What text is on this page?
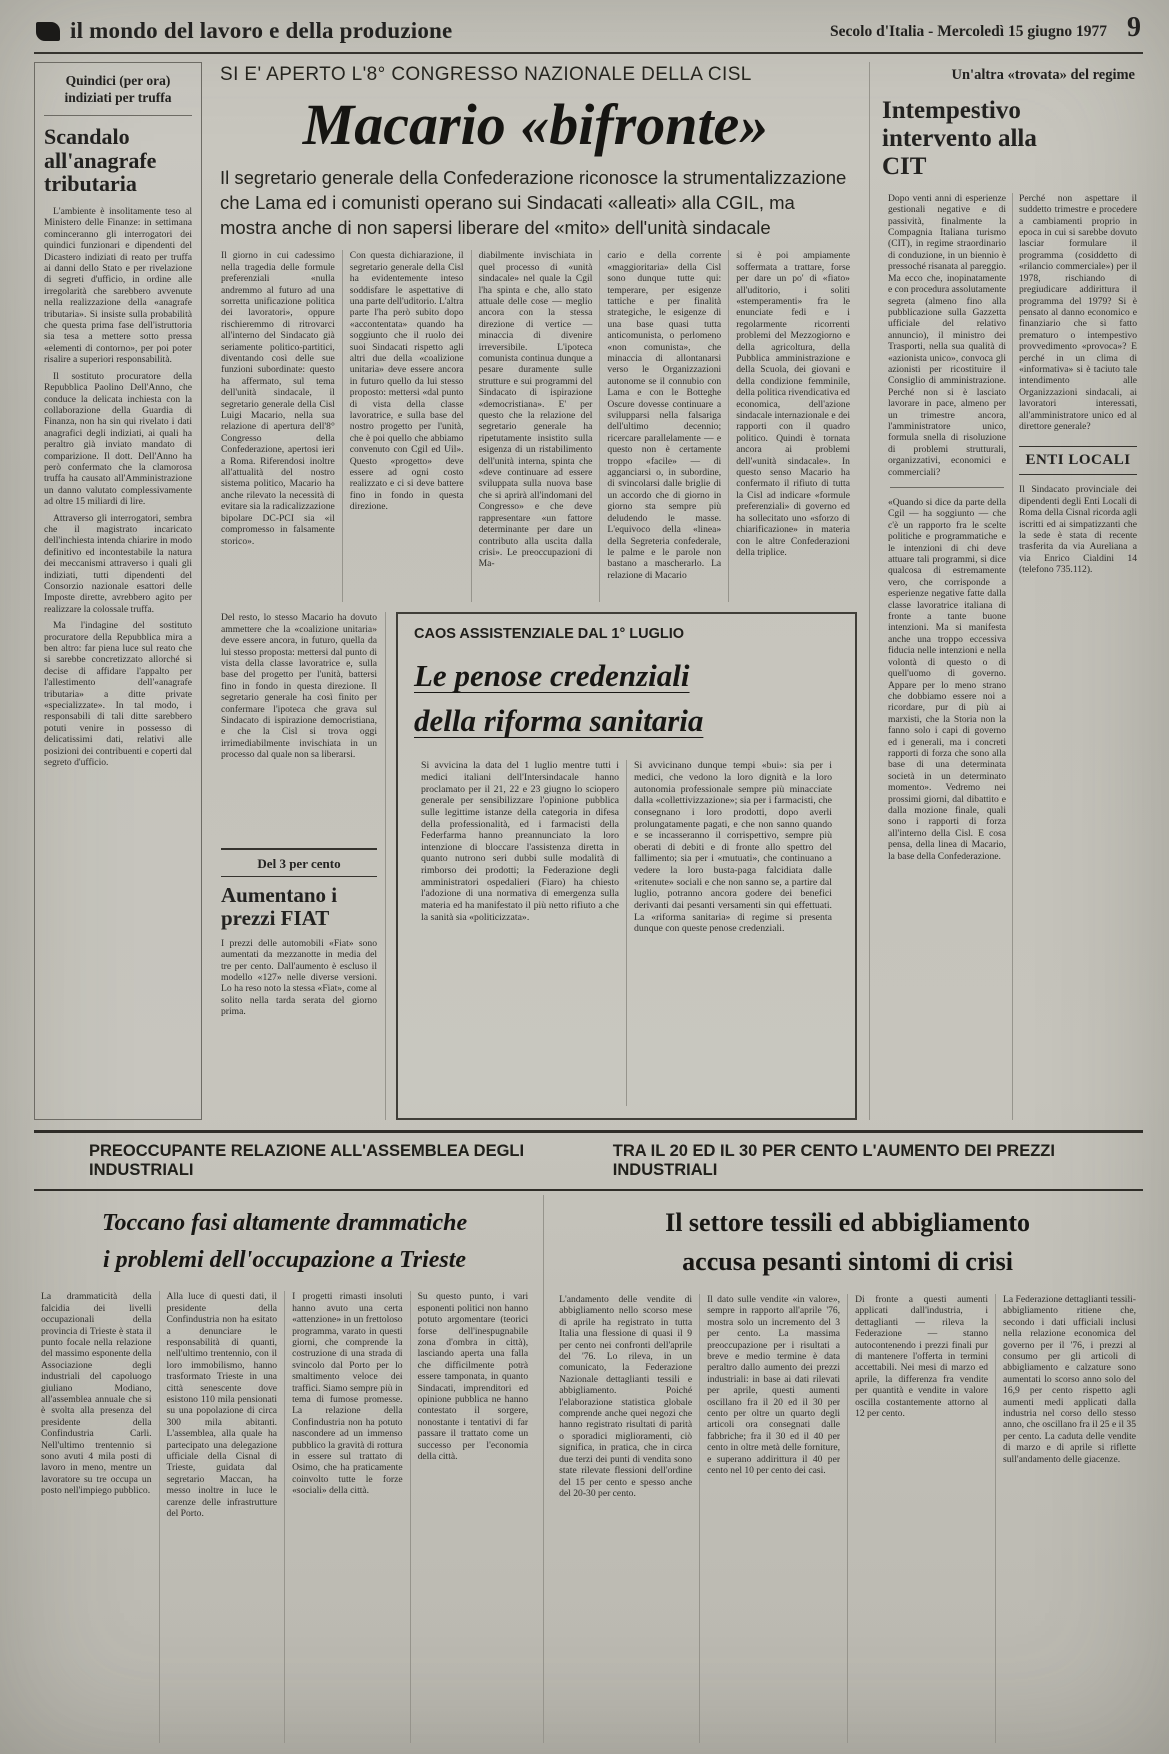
il mondo del lavoro e della produzione	Secolo d'Italia - Mercoledì 15 giugno 1977 9
Quindici (per ora) indiziati per truffa
Scandalo all'anagrafe tributaria

L'ambiente è insolitamente teso al Ministero delle Finanze: in settimana cominceranno gli interrogatori dei quindici funzionari e dipendenti del Dicastero indiziati di reato per truffa ai danni dello Stato e per rivelazione di segreti d'ufficio, in ordine alle irregolarità che sarebbero avvenute nella realizzazione della «anagrafe tributaria». Si insiste sulla probabilità che questa prima fase dell'istruttoria sia tesa a mettere sotto pressa «elementi di contorno», per poi poter risalire a superiori responsabilità.

Il sostituto procuratore della Repubblica Paolino Dell'Anno, che conduce la delicata inchiesta con la collaborazione della Guardia di Finanza, non ha sin qui rivelato i dati anagrafici degli indiziati, ai quali ha peraltro già inviato mandato di comparizione. Il dott. Dell'Anno ha però confermato che la clamorosa truffa ha causato all'Amministrazione un danno valutato complessivamente ad oltre 15 miliardi di lire.

Attraverso gli interrogatori, sembra che il magistrato incaricato dell'inchiesta intenda chiarire in modo definitivo ed incontestabile la natura dei meccanismi attraverso i quali gli indiziati, tutti dipendenti del Consorzio nazionale esattori delle Imposte dirette, avrebbero agito per realizzare la colossale truffa.

Ma l'indagine del sostituto procuratore della Repubblica mira a ben altro: far piena luce sul reato che si sarebbe concretizzato allorché si decise di affidare l'appalto per l'allestimento dell'«anagrafe tributaria» a ditte private «specializzate». In tal modo, i responsabili di tali ditte sarebbero potuti venire in possesso di delicatissimi dati, relativi alle posizioni dei contribuenti e coperti dal segreto d'ufficio.

SI E' APERTO L'8° CONGRESSO NAZIONALE DELLA CISL
Macario «bifronte»
Il segretario generale della Confederazione riconosce la strumentalizzazione che Lama ed i comunisti operano sui Sindacati «alleati» alla CGIL, ma mostra anche di non sapersi liberare del «mito» dell'unità sindacale
Il giorno in cui cadessimo nella tragedia delle formule preferenziali «nulla andremmo al futuro ad una sorretta unificazione politica dei lavoratori», oppure rischieremmo di ritrovarci all'interno del Sindacato già seriamente politico-partitici, diventando così delle sue funzioni subordinate: questo ha affermato, sul tema dell'unità sindacale, il segretario generale della Cisl Luigi Macario, nella sua relazione di apertura dell'8° Congresso della Confederazione, apertosi ieri a Roma. Riferendosi inoltre all'attualità del nostro sistema politico, Macario ha anche rilevato la necessità di evitare sia la radicalizzazione bipolare DC-PCI sia «il compromesso in falsamente storico».
Con questa dichiarazione, il segretario generale della Cisl ha evidentemente inteso soddisfare le aspettative di una parte dell'uditorio. L'altra parte l'ha però subito dopo «accontentata» quando ha soggiunto che il ruolo dei suoi Sindacati rispetto agli altri due della «coalizione unitaria» deve essere ancora in futuro quello da lui stesso proposto: mettersi «dal punto di vista della classe lavoratrice, e sulla base del nostro progetto per l'unità, che è poi quello che abbiamo convenuto con Cgil ed Uil». Questo «progetto» deve essere ad ogni costo realizzato e ci si deve battere fino in fondo in questa direzione.
diabilmente invischiata in quel processo di «unità sindacale» nel quale la Cgil l'ha spinta e che, allo stato attuale delle cose — meglio ancora con la stessa direzione di vertice — minaccia di divenire irreversibile. L'ipoteca comunista continua dunque a pesare duramente sulle strutture e sui programmi del Sindacato di ispirazione «democristiana». E' per questo che la relazione del segretario generale ha ripetutamente insistito sulla esigenza di un ristabilimento dell'unità interna, spinta che «deve continuare ad essere sviluppata sulla nuova base che si aprirà all'indomani del Congresso» e che deve rappresentare «un fattore determinante per dare un contributo alla uscita dalla crisi». Le preoccupazioni di Ma-
cario e della corrente «maggioritaria» della Cisl sono dunque tutte qui: temperare, per esigenze tattiche e per finalità strategiche, le esigenze di una base quasi tutta anticomunista, o perlomeno «non comunista», che minaccia di allontanarsi verso le Organizzazioni autonome se il connubio con Lama e con le Botteghe Oscure dovesse continuare a svilupparsi nella falsariga dell'ultimo decennio; ricercare parallelamente — e questo non è certamente troppo «facile» — di agganciarsi o, in subordine, di svincolarsi dalle briglie di un accordo che di giorno in giorno sta sempre più deludendo le masse. L'equivoco della «linea» della Segreteria confederale, le palme e le parole non bastano a mascherarlo. La relazione di Macario
si è poi ampiamente soffermata a trattare, forse per dare un po' di «fiato» all'uditorio, i soliti «stemperamenti» fra le enunciate fedi e i regolarmente ricorrenti problemi del Mezzogiorno e della agricoltura, della Pubblica amministrazione e della Scuola, dei giovani e della condizione femminile, della politica rivendicativa ed economica, dell'azione sindacale internazionale e dei rapporti con il quadro politico. Quindi è tornata ancora ai problemi dell'«unità sindacale». In questo senso Macario ha confermato il rifiuto di tutta la Cisl ad indicare «formule preferenziali» di governo ed ha sollecitato uno «sforzo di chiarificazione» in materia con le altre Confederazioni della triplice.
Del resto, lo stesso Macario ha dovuto ammettere che la «coalizione unitaria» deve essere ancora, in futuro, quella da lui stesso proposta: mettersi dal punto di vista della classe lavoratrice e, sulla base del progetto per l'unità, battersi fino in fondo in questa direzione. Il segretario generale ha così finito per confermare l'ipoteca che grava sul Sindacato di ispirazione democristiana, e che la Cisl si trova oggi irrimediabilmente invischiata in un processo dal quale non sa liberarsi.
Del 3 per cento
Aumentano i prezzi FIAT
I prezzi delle automobili «Fiat» sono aumentati da mezzanotte in media del tre per cento. Dall'aumento è escluso il modello «127» nelle diverse versioni. Lo ha reso noto la stessa «Fiat», come al solito nella tarda serata del giorno prima.
CAOS ASSISTENZIALE DAL 1° LUGLIO
Le penose credenziali
della riforma sanitaria
Si avvicina la data del 1 luglio mentre tutti i medici italiani dell'Intersindacale hanno proclamato per il 21, 22 e 23 giugno lo sciopero generale per sensibilizzare l'opinione pubblica sulle legittime istanze della categoria in difesa della professionalità, ed i farmacisti della Federfarma hanno preannunciato la loro intenzione di bloccare l'assistenza diretta in quanto nutrono seri dubbi sulle modalità di rimborso dei prodotti; la Federazione degli amministratori ospedalieri (Fiaro) ha chiesto l'adozione di una normativa di emergenza sulla materia ed ha manifestato il più netto rifiuto a che la sanità sia «politicizzata».
Si avvicinano dunque tempi «bui»: sia per i medici, che vedono la loro dignità e la loro autonomia professionale sempre più minacciate dalla «collettivizzazione»; sia per i farmacisti, che consegnano i loro prodotti, dopo averli prolungatamente pagati, e che non sanno quando e se incasseranno il corrispettivo, sempre più oberati di debiti e di fronte allo spettro del fallimento; sia per i «mutuati», che continuano a vedere la loro busta-paga falcidiata dalle «ritenute» sociali e che non sanno se, a partire dal luglio, potranno ancora godere dei benefici derivanti dai pesanti versamenti sin qui effettuati. La «riforma sanitaria» di regime si presenta dunque con queste penose credenziali.
Un'altra «trovata» del regime
Intempestivo intervento alla CIT
Dopo venti anni di esperienze gestionali negative e di passività, finalmente la Compagnia Italiana turismo (CIT), in regime straordinario di conduzione, in un biennio è pressoché risanata al pareggio. Ma ecco che, inopinatamente e con procedura assolutamente segreta (almeno fino alla pubblicazione sulla Gazzetta ufficiale del relativo annuncio), il ministro dei Trasporti, nella sua qualità di «azionista unico», convoca gli azionisti per ricostituire il Consiglio di amministrazione. Perché non si è lasciato lavorare in pace, almeno per un trimestre ancora, l'amministratore unico, formula snella di risoluzione di problemi strutturali, organizzativi, economici e commerciali?
«Quando si dice da parte della Cgil — ha soggiunto — che c'è un rapporto fra le scelte politiche e programmatiche e le intenzioni di chi deve attuare tali programmi, si dice qualcosa di estremamente vero, che corrisponde a esperienze negative fatte dalla classe lavoratrice italiana di fronte a tante buone intenzioni. Ma si manifesta anche una troppo eccessiva fiducia nelle intenzioni e nella volontà di questo o di quell'uomo di governo. Appare per lo meno strano che dobbiamo essere noi a ricordare, pur di più ai marxisti, che la Storia non la fanno solo i capi di governo ed i generali, ma i concreti rapporti di forza che sono alla base di una determinata società in un determinato momento». Vedremo nei prossimi giorni, dal dibattito e dalla mozione finale, quali sono i rapporti di forza all'interno della Cisl. E cosa pensa, della linea di Macario, la base della Confederazione.
Perché non aspettare il suddetto trimestre e procedere a cambiamenti proprio in epoca in cui si sarebbe dovuto lasciar formulare il programma (cosiddetto di «rilancio commerciale») per il 1978, rischiando di pregiudicare addirittura il programma del 1979? Si è pensato al danno economico e finanziario che sì fatto prematuro o intempestivo provvedimento «provoca»? E perché in un clima di «informativa» si è taciuto tale intendimento alle Organizzazioni sindacali, ai lavoratori interessati, all'amministratore unico ed al direttore generale?
ENTI LOCALI
Il Sindacato provinciale dei dipendenti degli Enti Locali di Roma della Cisnal ricorda agli iscritti ed ai simpatizzanti che la sede è stata di recente trasferita da via Aureliana a via Enrico Cialdini 14 (telefono 735.112).
PREOCCUPANTE RELAZIONE ALL'ASSEMBLEA DEGLI INDUSTRIALI
TRA IL 20 ED IL 30 PER CENTO L'AUMENTO DEI PREZZI INDUSTRIALI
Toccano fasi altamente drammatiche
i problemi dell'occupazione a Trieste
La drammaticità della falcidia dei livelli occupazionali della provincia di Trieste è stata il punto focale nella relazione del massimo esponente della Associazione degli industriali del capoluogo giuliano Modiano, all'assemblea annuale che si è svolta alla presenza del presidente della Confindustria Carli. Nell'ultimo trentennio si sono avuti 4 mila posti di lavoro in meno, mentre un lavoratore su tre occupa un posto nell'impiego pubblico.
Alla luce di questi dati, il presidente della Confindustria non ha esitato a denunciare le responsabilità di quanti, nell'ultimo trentennio, con il loro immobilismo, hanno trasformato Trieste in una città senescente dove esistono 110 mila pensionati su una popolazione di circa 300 mila abitanti. L'assemblea, alla quale ha partecipato una delegazione ufficiale della Cisnal di Trieste, guidata dal segretario Maccan, ha messo inoltre in luce le carenze delle infrastrutture del Porto.
I progetti rimasti insoluti hanno avuto una certa «attenzione» in un frettoloso programma, varato in questi giorni, che comprende la costruzione di una strada di svincolo dal Porto per lo smaltimento veloce dei traffici. Siamo sempre più in tema di fumose promesse. La relazione della Confindustria non ha potuto nascondere ad un immenso pubblico la gravità di rottura in essere sul trattato di Osimo, che ha praticamente coinvolto tutte le forze «sociali» della città.
Su questo punto, i vari esponenti politici non hanno potuto argomentare (teorici forse dell'inespugnabile zona d'ombra in città), lasciando aperta una falla che difficilmente potrà essere tamponata, in quanto Sindacati, imprenditori ed opinione pubblica ne hanno contestato il sorgere, nonostante i tentativi di far passare il trattato come un successo per l'economia della città.
Il settore tessili ed abbigliamento
accusa pesanti sintomi di crisi
L'andamento delle vendite di abbigliamento nello scorso mese di aprile ha registrato in tutta Italia una flessione di quasi il 9 per cento nei confronti dell'aprile del '76. Lo rileva, in un comunicato, la Federazione Nazionale dettaglianti tessili e abbigliamento. Poiché l'elaborazione statistica globale comprende anche quei negozi che hanno registrato risultati di parità o sporadici miglioramenti, ciò significa, in pratica, che in circa due terzi dei punti di vendita sono state rilevate flessioni dell'ordine del 15 per cento e spesso anche del 20-30 per cento.
Il dato sulle vendite «in valore», sempre in rapporto all'aprile '76, mostra solo un incremento del 3 per cento. La massima preoccupazione per i risultati a breve e medio termine è data peraltro dallo aumento dei prezzi industriali: in base ai dati rilevati per aprile, questi aumenti oscillano fra il 20 ed il 30 per cento per oltre un quarto degli articoli ora consegnati dalle fabbriche; fra il 30 ed il 40 per cento in oltre metà delle forniture, e superano addirittura il 40 per cento nel 10 per cento dei casi.
Di fronte a questi aumenti applicati dall'industria, i dettaglianti — rileva la Federazione — stanno autocontenendo i prezzi finali pur di mantenere l'offerta in termini accettabili. Nei mesi di marzo ed aprile, la differenza fra vendite per quantità e vendite in valore oscilla costantemente attorno al 12 per cento.
La Federazione dettaglianti tessili-abbigliamento ritiene che, secondo i dati ufficiali inclusi nella relazione economica del governo per il '76, i prezzi al consumo per gli articoli di abbigliamento e calzature sono aumentati lo scorso anno solo del 16,9 per cento rispetto agli aumenti medi applicati dalla industria nel corso dello stesso anno, che oscillano fra il 25 e il 35 per cento. La caduta delle vendite di marzo e di aprile si riflette sull'andamento delle giacenze.
